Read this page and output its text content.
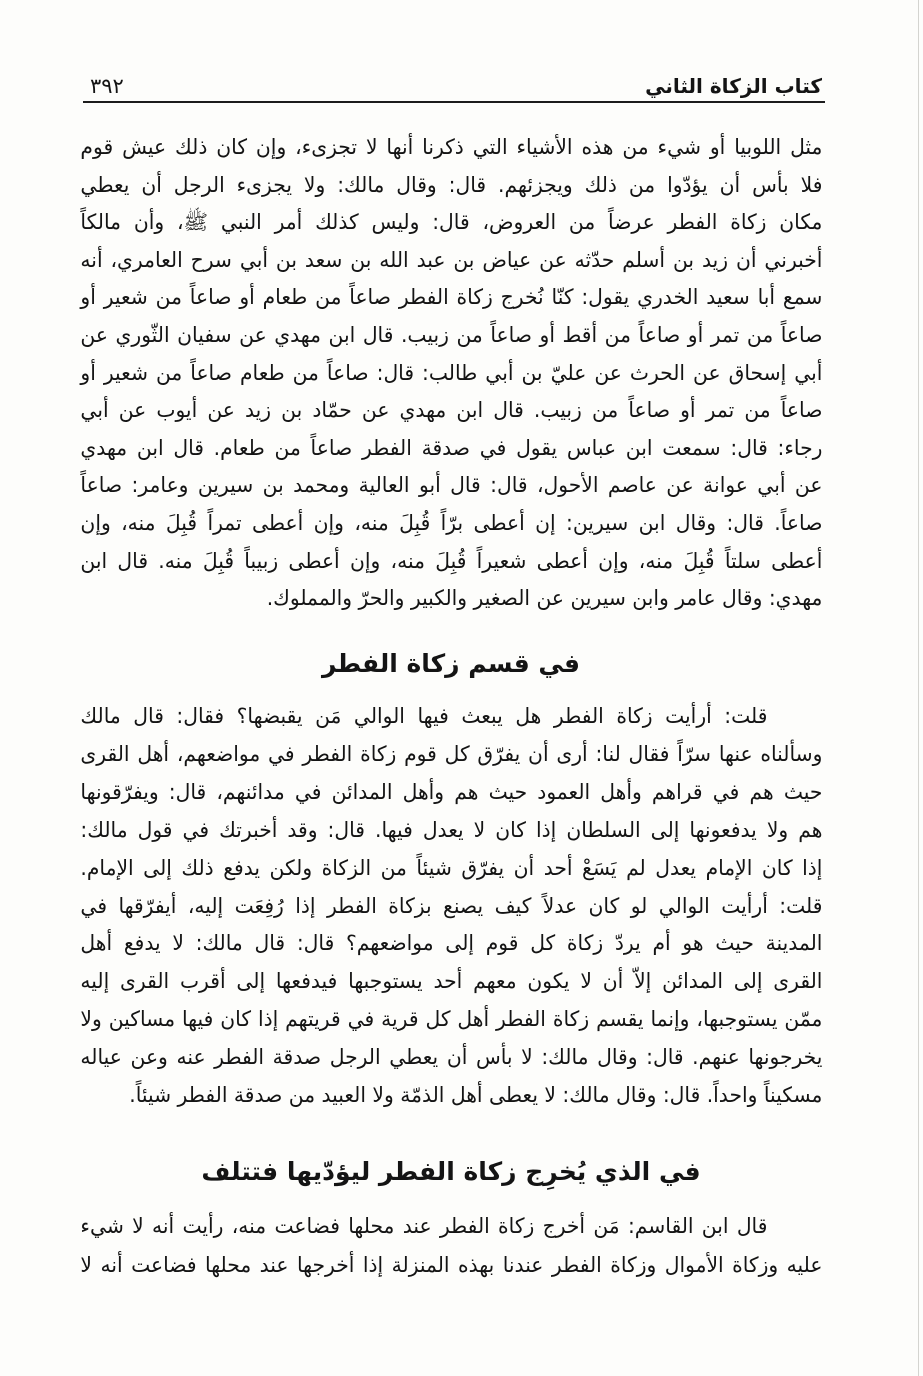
كتاب الزكاة الثاني
٣٩٢
مثل اللوبيا أو شيء من هذه الأشياء التي ذكرنا أنها لا تجزىء، وإن كان ذلك عيش قوم
فلا بأس أن يؤدّوا من ذلك ويجزئهم. قال: وقال مالك: ولا يجزىء الرجل أن يعطي
مكان زكاة الفطر عرضاً من العروض، قال: وليس كذلك أمر النبي ﷺ، وأن مالكاً
أخبرني أن زيد بن أسلم حدّثه عن عياض بن عبد الله بن سعد بن أبي سرح العامري، أنه
سمع أبا سعيد الخدري يقول: كنّا نُخرج زكاة الفطر صاعاً من طعام أو صاعاً من شعير أو
صاعاً من تمر أو صاعاً من أقط أو صاعاً من زبيب. قال ابن مهدي عن سفيان الثّوري عن
أبي إسحاق عن الحرث عن عليّ بن أبي طالب: قال: صاعاً من طعام صاعاً من شعير أو
صاعاً من تمر أو صاعاً من زبيب. قال ابن مهدي عن حمّاد بن زيد عن أيوب عن أبي
رجاء: قال: سمعت ابن عباس يقول في صدقة الفطر صاعاً من طعام. قال ابن مهدي
عن أبي عوانة عن عاصم الأحول، قال: قال أبو العالية ومحمد بن سيرين وعامر: صاعاً
صاعاً. قال: وقال ابن سيرين: إن أعطى برّاً قُبِلَ منه، وإن أعطى تمراً قُبِلَ منه، وإن
أعطى سلتاً قُبِلَ منه، وإن أعطى شعيراً قُبِلَ منه، وإن أعطى زبيباً قُبِلَ منه. قال ابن
مهدي: وقال عامر وابن سيرين عن الصغير والكبير والحرّ والمملوك.
في قسم زكاة الفطر
قلت: أرأيت زكاة الفطر هل يبعث فيها الوالي مَن يقبضها؟ فقال: قال مالك
وسألناه عنها سرّاً فقال لنا: أرى أن يفرّق كل قوم زكاة الفطر في مواضعهم، أهل القرى
حيث هم في قراهم وأهل العمود حيث هم وأهل المدائن في مدائنهم، قال: ويفرّقونها
هم ولا يدفعونها إلى السلطان إذا كان لا يعدل فيها. قال: وقد أخبرتك في قول مالك:
إذا كان الإمام يعدل لم يَسَعْ أحد أن يفرّق شيئاً من الزكاة ولكن يدفع ذلك إلى الإمام.
قلت: أرأيت الوالي لو كان عدلاً كيف يصنع بزكاة الفطر إذا رُفِعَت إليه، أيفرّقها في
المدينة حيث هو أم يردّ زكاة كل قوم إلى مواضعهم؟ قال: قال مالك: لا يدفع أهل
القرى إلى المدائن إلاّ أن لا يكون معهم أحد يستوجبها فيدفعها إلى أقرب القرى إليه
ممّن يستوجبها، وإنما يقسم زكاة الفطر أهل كل قرية في قريتهم إذا كان فيها مساكين ولا
يخرجونها عنهم. قال: وقال مالك: لا بأس أن يعطي الرجل صدقة الفطر عنه وعن عياله
مسكيناً واحداً. قال: وقال مالك: لا يعطى أهل الذمّة ولا العبيد من صدقة الفطر شيئاً.
في الذي يُخرِج زكاة الفطر ليؤدّيها فتتلف
قال ابن القاسم: مَن أخرج زكاة الفطر عند محلها فضاعت منه، رأيت أنه لا شيء
عليه وزكاة الأموال وزكاة الفطر عندنا بهذه المنزلة إذا أخرجها عند محلها فضاعت أنه لا
